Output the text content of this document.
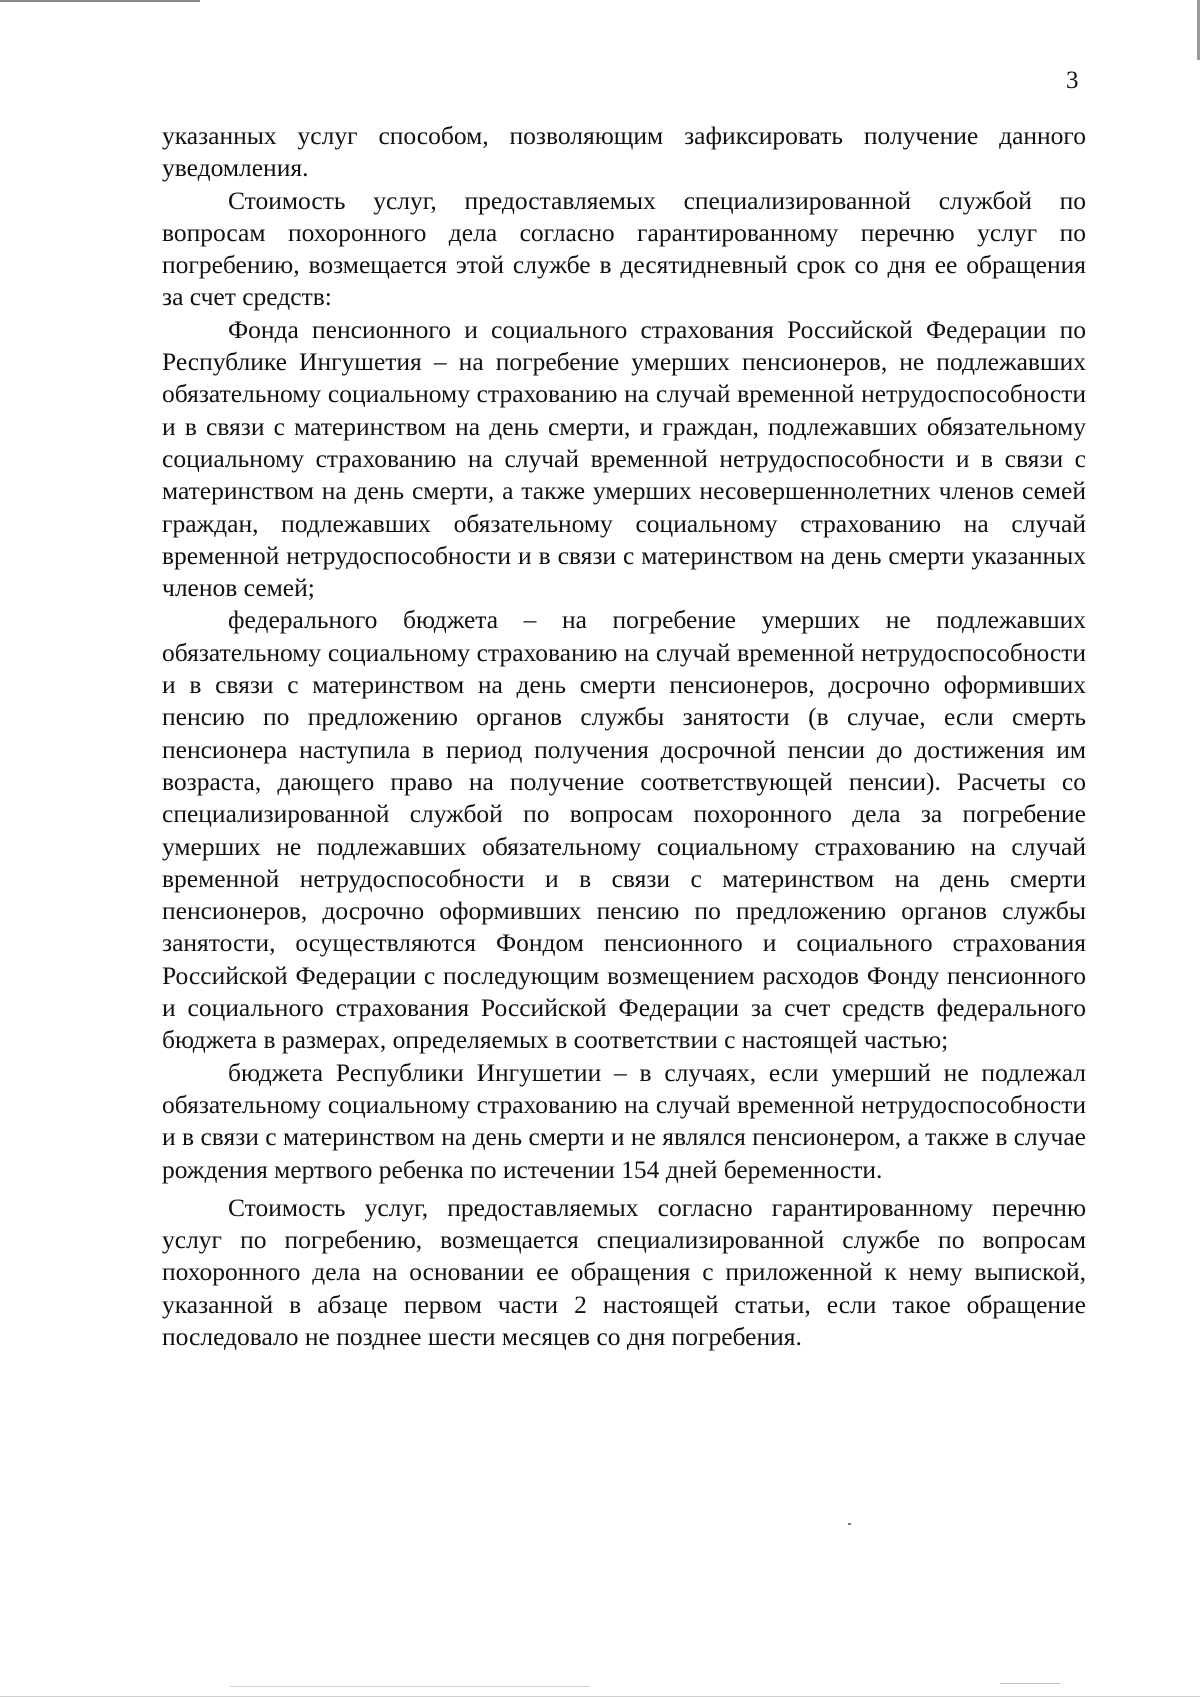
3

указанных услуг способом, позволяющим зафиксировать получение данного уведомления.

Стоимость услуг, предоставляемых специализированной службой по вопросам похоронного дела согласно гарантированному перечню услуг по погребению, возмещается этой службе в десятидневный срок со дня ее обращения за счет средств:

Фонда пенсионного и социального страхования Российской Федерации по Республике Ингушетия – на погребение умерших пенсионеров, не подлежавших обязательному социальному страхованию на случай временной нетрудоспособности и в связи с материнством на день смерти, и граждан, подлежавших обязательному социальному страхованию на случай временной нетрудоспособности и в связи с материнством на день смерти, а также умерших несовершеннолетних членов семей граждан, подлежавших обязательному социальному страхованию на случай временной нетрудоспособности и в связи с материнством на день смерти указанных членов семей;

федерального бюджета – на погребение умерших не подлежавших обязательному социальному страхованию на случай временной нетрудоспособности и в связи с материнством на день смерти пенсионеров, досрочно оформивших пенсию по предложению органов службы занятости (в случае, если смерть пенсионера наступила в период получения досрочной пенсии до достижения им возраста, дающего право на получение соответствующей пенсии). Расчеты со специализированной службой по вопросам похоронного дела за погребение умерших не подлежавших обязательному социальному страхованию на случай временной нетрудоспособности и в связи с материнством на день смерти пенсионеров, досрочно оформивших пенсию по предложению органов службы занятости, осуществляются Фондом пенсионного и социального страхования Российской Федерации с последующим возмещением расходов Фонду пенсионного и социального страхования Российской Федерации за счет средств федерального бюджета в размерах, определяемых в соответствии с настоящей частью;

бюджета Республики Ингушетии – в случаях, если умерший не подлежал обязательному социальному страхованию на случай временной нетрудоспособности и в связи с материнством на день смерти и не являлся пенсионером, а также в случае рождения мертвого ребенка по истечении 154 дней беременности.

Стоимость услуг, предоставляемых согласно гарантированному перечню услуг по погребению, возмещается специализированной службе по вопросам похоронного дела на основании ее обращения с приложенной к нему выпиской, указанной в абзаце первом части 2 настоящей статьи, если такое обращение последовало не позднее шести месяцев со дня погребения.
